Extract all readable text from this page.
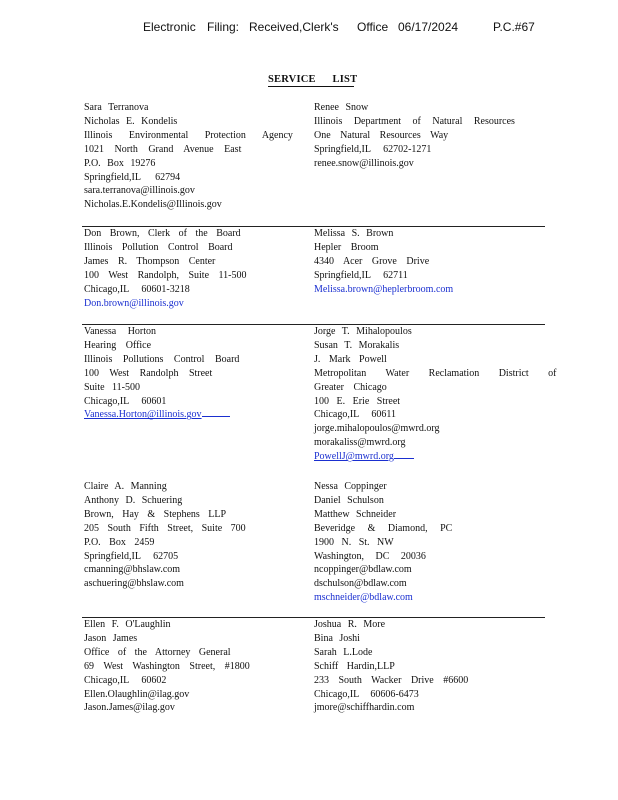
Electronic Filing: Received,Clerk's Office 06/17/2024	P.C.#67
SERVICE LIST
Sara Terranova
Nicholas E. Kondelis
Illinois Environmental Protection Agency
1021 North Grand Avenue East
P.O. Box 19276
Springfield,IL 62794
sara.terranova@illinois.gov
Nicholas.E.Kondelis@Illinois.gov
Renee Snow
Illinois Department of Natural Resources
One Natural Resources Way
Springfield,IL 62702-1271
renee.snow@illinois.gov
Don Brown, Clerk of the Board
Illinois Pollution Control Board
James R. Thompson Center
100 West Randolph, Suite 11-500
Chicago,IL 60601-3218
Don.brown@illinois.gov
Melissa S. Brown
Hepler Broom
4340 Acer Grove Drive
Springfield,IL 62711
Melissa.brown@heplerbroom.com
Vanessa Horton
Hearing Office
Illinois Pollutions Control Board
100 West Randolph Street
Suite 11-500
Chicago,IL 60601
Vanessa.Horton@illinois.gov
Jorge T. Mihalopoulos
Susan T. Morakalis
J. Mark Powell
Metropolitan Water Reclamation District of
Greater Chicago
100 E. Erie Street
Chicago,IL 60611
jorge.mihalopoulos@mwrd.org
morakaliss@mwrd.org
PowellJ@mwrd.org
Claire A. Manning
Anthony D. Schuering
Brown, Hay & Stephens LLP
205 South Fifth Street, Suite 700
P.O. Box 2459
Springfield,IL 62705
cmanning@bhslaw.com
aschuering@bhslaw.com
Nessa Coppinger
Daniel Schulson
Matthew Schneider
Beveridge & Diamond, PC
1900 N. St. NW
Washington, DC 20036
ncoppinger@bdlaw.com
dschulson@bdlaw.com
mschneider@bdlaw.com
Ellen F. O'Laughlin
Jason James
Office of the Attorney General
69 West Washington Street, #1800
Chicago,IL 60602
Ellen.Olaughlin@ilag.gov
Jason.James@ilag.gov
Joshua R. More
Bina Joshi
Sarah L.Lode
Schiff Hardin,LLP
233 South Wacker Drive #6600
Chicago,IL 60606-6473
jmore@schiffhardin.com
